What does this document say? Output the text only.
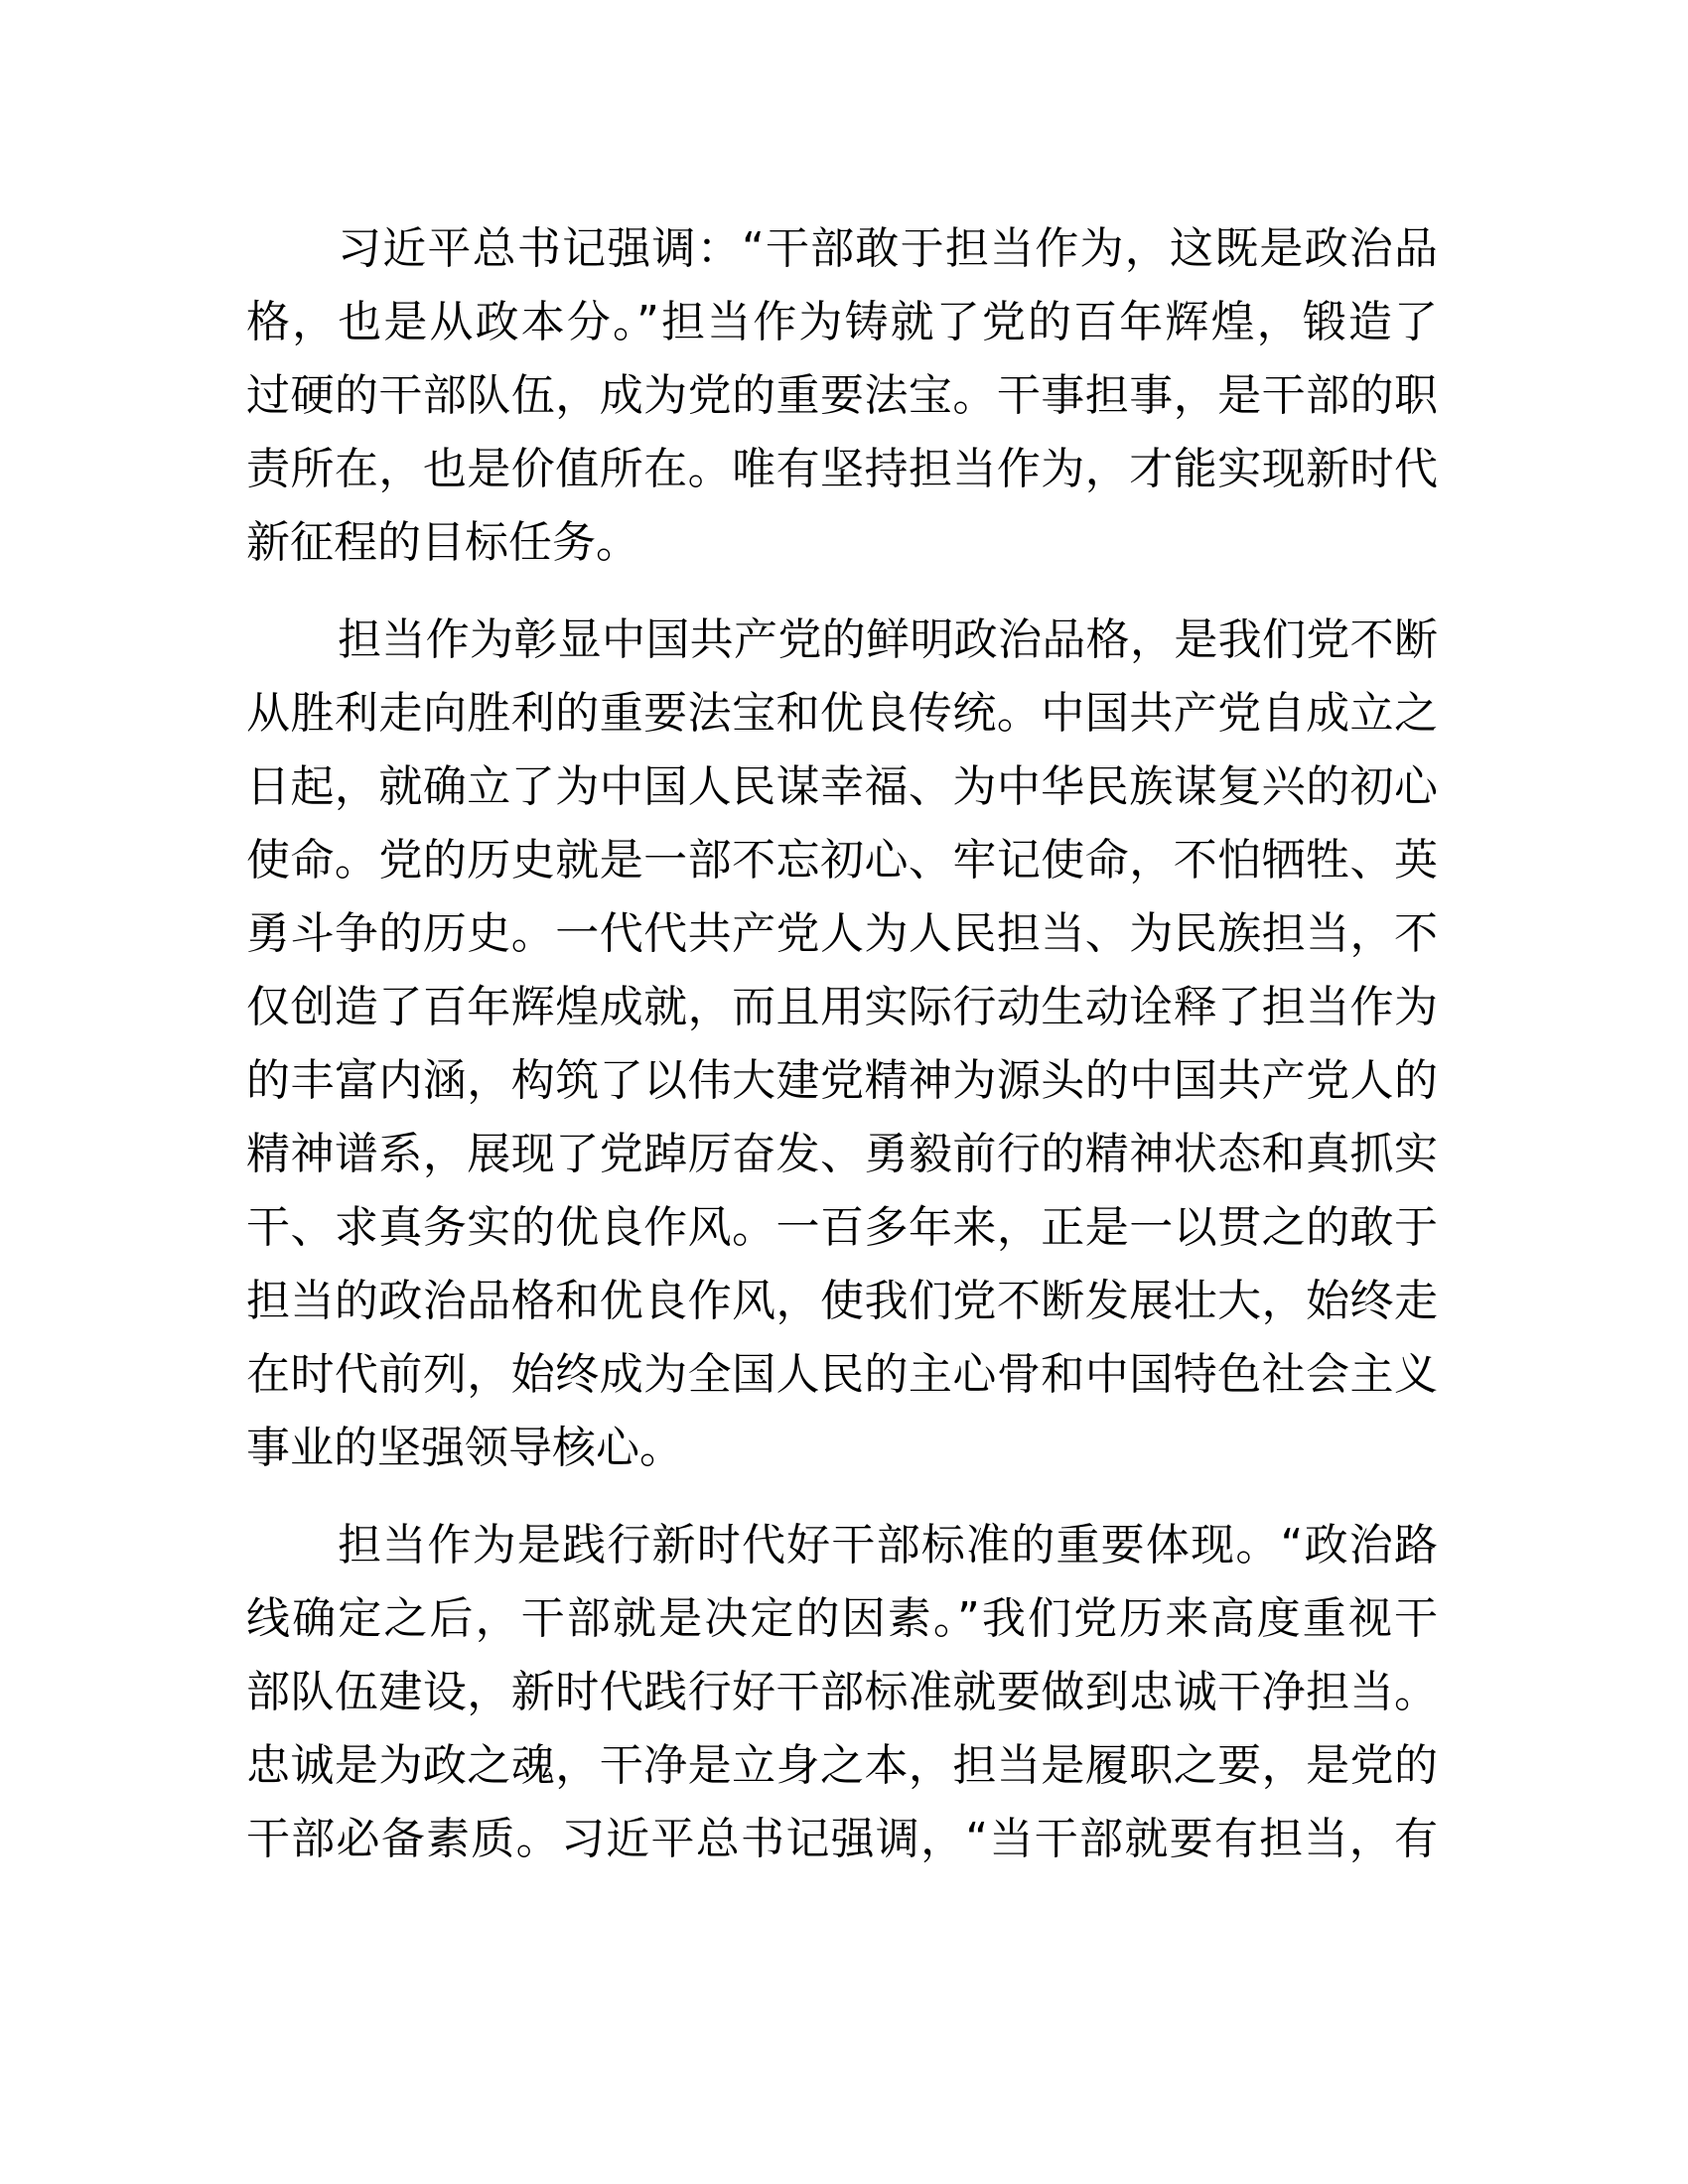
习近平总书记强调：“干部敢于担当作为，这既是政治品
格，也是从政本分。”担当作为铸就了党的百年辉煌，锻造了
过硬的干部队伍，成为党的重要法宝。干事担事，是干部的职
责所在，也是价值所在。唯有坚持担当作为，才能实现新时代
新征程的目标任务。
担当作为彰显中国共产党的鲜明政治品格，是我们党不断
从胜利走向胜利的重要法宝和优良传统。中国共产党自成立之
日起，就确立了为中国人民谋幸福、为中华民族谋复兴的初心
使命。党的历史就是一部不忘初心、牢记使命，不怕牺牲、英
勇斗争的历史。一代代共产党人为人民担当、为民族担当，不
仅创造了百年辉煌成就，而且用实际行动生动诠释了担当作为
的丰富内涵，构筑了以伟大建党精神为源头的中国共产党人的
精神谱系，展现了党踔厉奋发、勇毅前行的精神状态和真抓实
干、求真务实的优良作风。一百多年来，正是一以贯之的敢于
担当的政治品格和优良作风，使我们党不断发展壮大，始终走
在时代前列，始终成为全国人民的主心骨和中国特色社会主义
事业的坚强领导核心。
担当作为是践行新时代好干部标准的重要体现。“政治路
线确定之后，干部就是决定的因素。”我们党历来高度重视干
部队伍建设，新时代践行好干部标准就要做到忠诚干净担当。
忠诚是为政之魂，干净是立身之本，担当是履职之要，是党的
干部必备素质。习近平总书记强调，“当干部就要有担当，有
